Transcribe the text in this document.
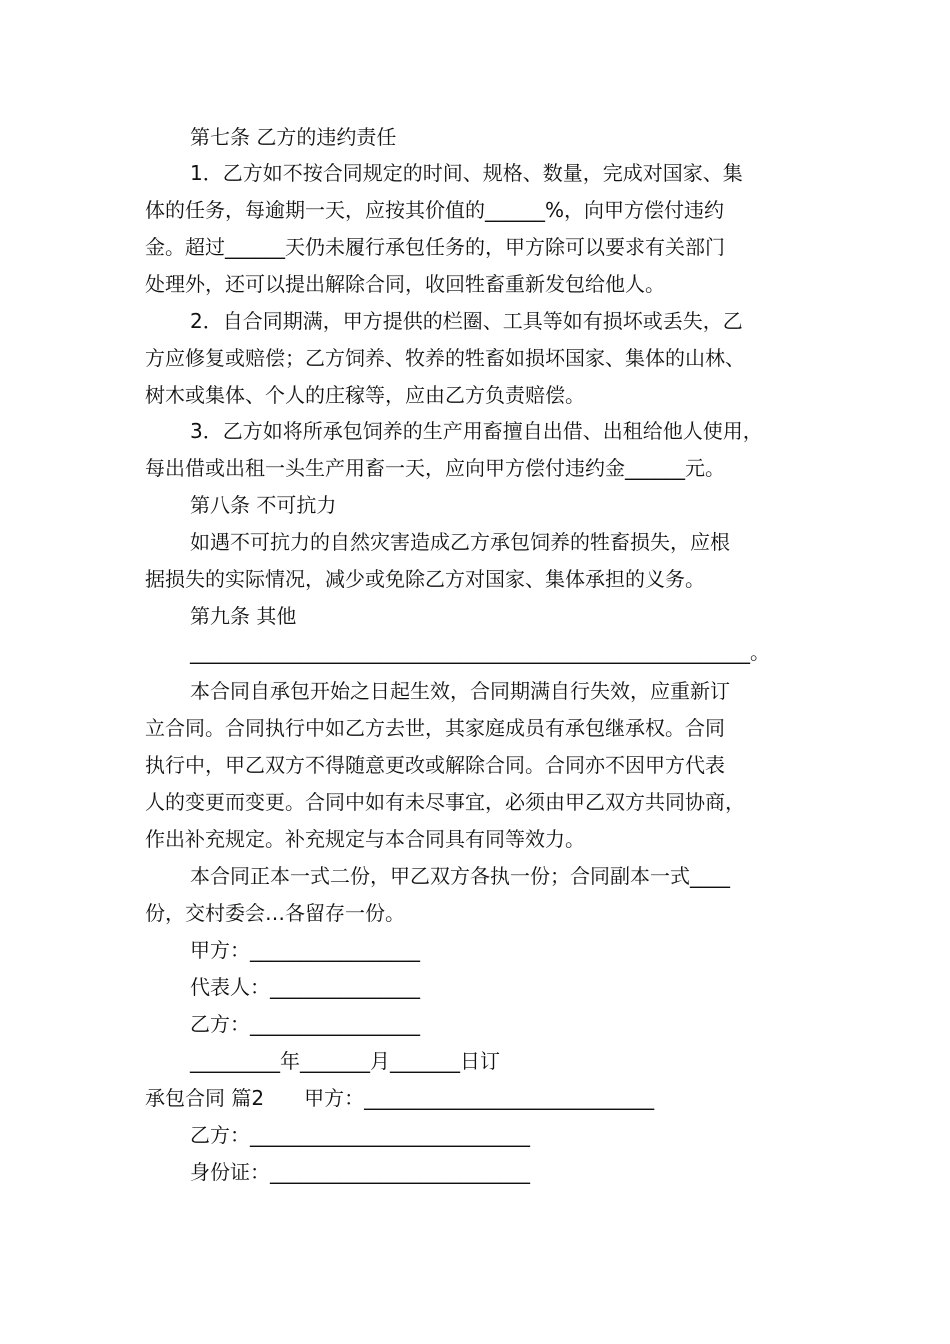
第七条 乙方的违约责任
1．乙方如不按合同规定的时间、规格、数量，完成对国家、集
体的任务，每逾期一天，应按其价值的______%，向甲方偿付违约
金。超过______天仍未履行承包任务的，甲方除可以要求有关部门
处理外，还可以提出解除合同，收回牲畜重新发包给他人。
2．自合同期满，甲方提供的栏圈、工具等如有损坏或丢失，乙
方应修复或赔偿；乙方饲养、牧养的牲畜如损坏国家、集体的山林、
树木或集体、个人的庄稼等，应由乙方负责赔偿。
3．乙方如将所承包饲养的生产用畜擅自出借、出租给他人使用，
每出借或出租一头生产用畜一天，应向甲方偿付违约金______元。
第八条 不可抗力
如遇不可抗力的自然灾害造成乙方承包饲养的牲畜损失，应根
据损失的实际情况，减少或免除乙方对国家、集体承担的义务。
第九条 其他
________________________________________________________。
本合同自承包开始之日起生效，合同期满自行失效，应重新订
立合同。合同执行中如乙方去世，其家庭成员有承包继承权。合同
执行中，甲乙双方不得随意更改或解除合同。合同亦不因甲方代表
人的变更而变更。合同中如有未尽事宜，必须由甲乙双方共同协商，
作出补充规定。补充规定与本合同具有同等效力。
本合同正本一式二份，甲乙双方各执一份；合同副本一式____
份，交村委会…各留存一份。
甲方：_________________
代表人：_______________
乙方：_________________
_________年_______月_______日订
承包合同 篇2　　甲方：_____________________________
乙方：____________________________
身份证：__________________________
